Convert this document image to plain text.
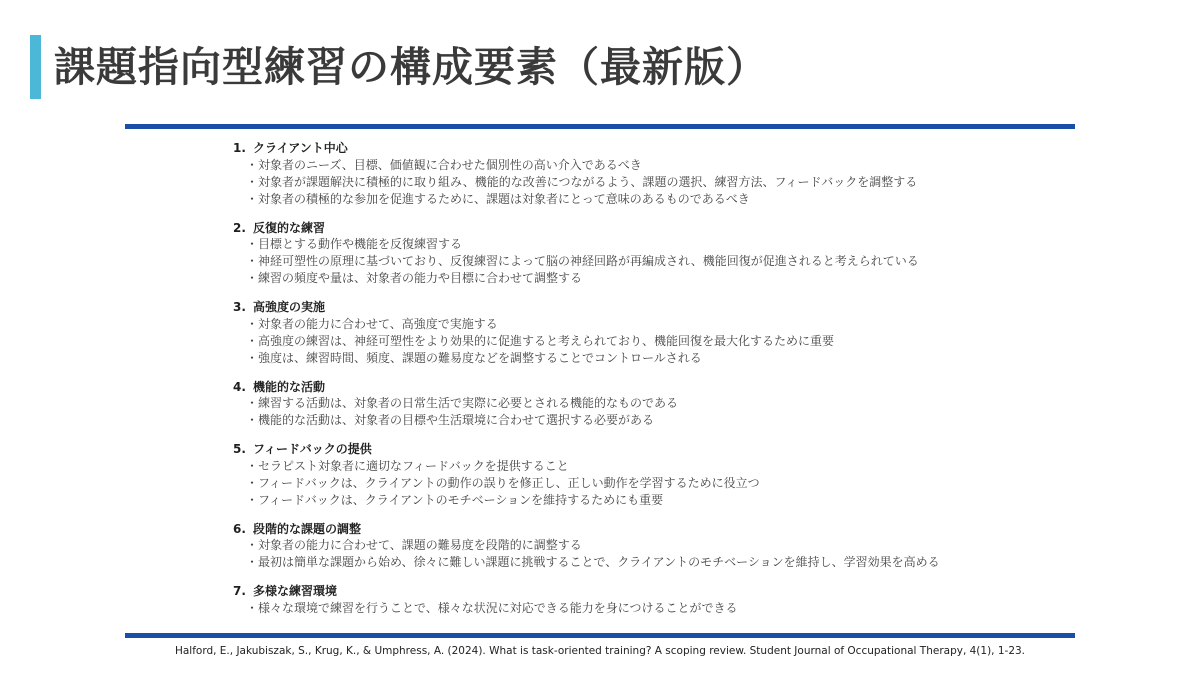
課題指向型練習の構成要素（最新版）
1. クライアント中心
・対象者のニーズ、目標、価値観に合わせた個別性の高い介入であるべき
・対象者が課題解決に積極的に取り組み、機能的な改善につながるよう、課題の選択、練習方法、フィードバックを調整する
・対象者の積極的な参加を促進するために、課題は対象者にとって意味のあるものであるべき
2. 反復的な練習
・目標とする動作や機能を反復練習する
・神経可塑性の原理に基づいており、反復練習によって脳の神経回路が再編成され、機能回復が促進されると考えられている
・練習の頻度や量は、対象者の能力や目標に合わせて調整する
3. 高強度の実施
・対象者の能力に合わせて、高強度で実施する
・高強度の練習は、神経可塑性をより効果的に促進すると考えられており、機能回復を最大化するために重要
・強度は、練習時間、頻度、課題の難易度などを調整することでコントロールされる
4. 機能的な活動
・練習する活動は、対象者の日常生活で実際に必要とされる機能的なものである
・機能的な活動は、対象者の目標や生活環境に合わせて選択する必要がある
5. フィードバックの提供
・セラピスト対象者に適切なフィードバックを提供すること
・フィードバックは、クライアントの動作の誤りを修正し、正しい動作を学習するために役立つ
・フィードバックは、クライアントのモチベーションを維持するためにも重要
6. 段階的な課題の調整
・対象者の能力に合わせて、課題の難易度を段階的に調整する
・最初は簡単な課題から始め、徐々に難しい課題に挑戦することで、クライアントのモチベーションを維持し、学習効果を高める
7. 多様な練習環境
・様々な環境で練習を行うことで、様々な状況に対応できる能力を身につけることができる
Halford, E., Jakubiszak, S., Krug, K., & Umphress, A. (2024). What is task-oriented training? A scoping review. Student Journal of Occupational Therapy, 4(1), 1-23.
